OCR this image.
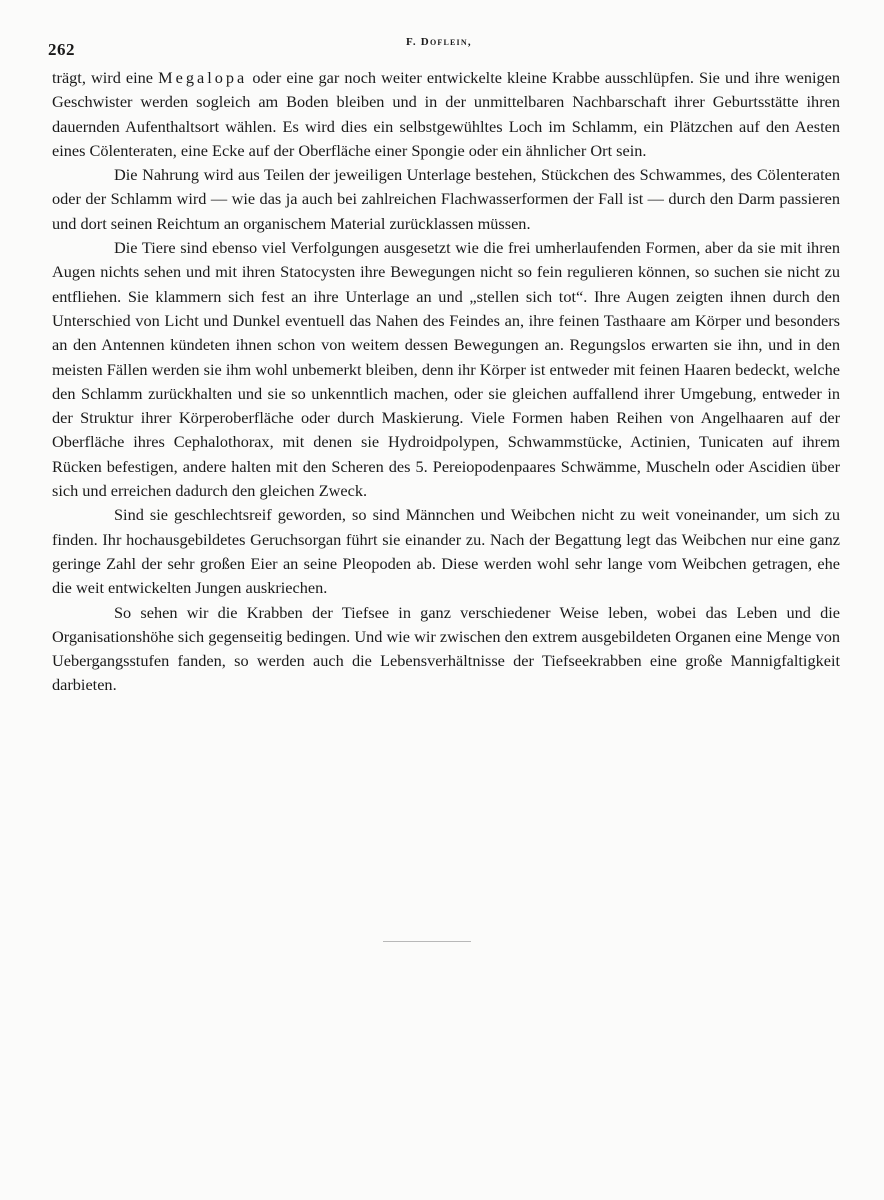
262	F. Doflein,

trägt, wird eine Megalopa oder eine gar noch weiter entwickelte kleine Krabbe ausschlüpfen. Sie und ihre wenigen Geschwister werden sogleich am Boden bleiben und in der unmittelbaren Nachbarschaft ihrer Geburtsstätte ihren dauernden Aufenthaltsort wählen. Es wird dies ein selbstgewühltes Loch im Schlamm, ein Plätzchen auf den Aesten eines Cölenteraten, eine Ecke auf der Oberfläche einer Spongie oder ein ähnlicher Ort sein.

Die Nahrung wird aus Teilen der jeweiligen Unterlage bestehen, Stückchen des Schwammes, des Cölenteraten oder der Schlamm wird — wie das ja auch bei zahlreichen Flachwasserformen der Fall ist — durch den Darm passieren und dort seinen Reichtum an organischem Material zurücklassen müssen.

Die Tiere sind ebenso viel Verfolgungen ausgesetzt wie die frei umherlaufenden Formen, aber da sie mit ihren Augen nichts sehen und mit ihren Statocysten ihre Bewegungen nicht so fein regulieren können, so suchen sie nicht zu entfliehen. Sie klammern sich fest an ihre Unterlage an und „stellen sich tot“. Ihre Augen zeigten ihnen durch den Unterschied von Licht und Dunkel eventuell das Nahen des Feindes an, ihre feinen Tasthaare am Körper und besonders an den Antennen kündeten ihnen schon von weitem dessen Bewegungen an. Regungslos erwarten sie ihn, und in den meisten Fällen werden sie ihm wohl unbemerkt bleiben, denn ihr Körper ist entweder mit feinen Haaren bedeckt, welche den Schlamm zurückhalten und sie so unkenntlich machen, oder sie gleichen auffallend ihrer Umgebung, entweder in der Struktur ihrer Körperoberfläche oder durch Maskierung. Viele Formen haben Reihen von Angelhaaren auf der Oberfläche ihres Cephalothorax, mit denen sie Hydroidpolypen, Schwammstücke, Actinien, Tunicaten auf ihrem Rücken befestigen, andere halten mit den Scheren des 5. Pereiopodenpaares Schwämme, Muscheln oder Ascidien über sich und erreichen dadurch den gleichen Zweck.

Sind sie geschlechtsreif geworden, so sind Männchen und Weibchen nicht zu weit voneinander, um sich zu finden. Ihr hochausgebildetes Geruchsorgan führt sie einander zu. Nach der Begattung legt das Weibchen nur eine ganz geringe Zahl der sehr großen Eier an seine Pleopoden ab. Diese werden wohl sehr lange vom Weibchen getragen, ehe die weit entwickelten Jungen auskriechen.

So sehen wir die Krabben der Tiefsee in ganz verschiedener Weise leben, wobei das Leben und die Organisationshöhe sich gegenseitig bedingen. Und wie wir zwischen den extrem ausgebildeten Organen eine Menge von Uebergangsstufen fanden, so werden auch die Lebensverhältnisse der Tiefseekrabben eine große Mannigfaltigkeit darbieten.
